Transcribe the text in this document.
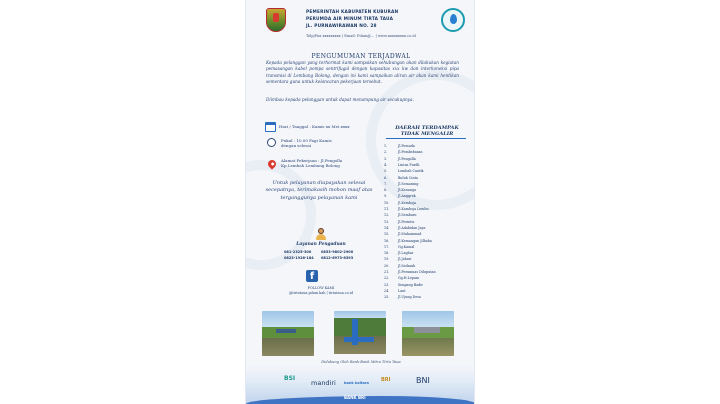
PEMERINTAH KABUPATEN KUBURAN
PERUMDA AIR MINUM TIRTA TAUA
JL. PURNAWIRAWAN NO. 28
Telp/Fax xxxxxxxxx | Email: Pdam@... | www.xxxxxxxxx.co.id
PENGUMUMAN TERJADWAL
Kepada pelanggan yang terhormat kami sampaikan sehubungan akan dilakukan kegiatan pemasangan kabel pompa sentrifugal dengan kapasitas xxx kw dan interkoneksi pipa transmisi di Lembang Bolong, dengan ini kami sampaikan aliran air akan kami hentikan sementara guna untuk kelancaran pekerjaan tersebut.
Diimbau kepada pelanggan untuk dapat menampung air secukupnya.
Hari / Tanggal : Kamis xx Mei xxxx
Pukul : 10.00 Pagi Kamis
dengan selesai
Alamat Pekerjaan : Jl.Pengolla
Kp.Lembah Lembang Bolong
Untuk pelayanan diupayakan selesai secepatnya, terimakasih mohon maaf atas terganggunya pelayanan kami
Layanan Pengaduan
081-2325-300	0853-9802-2900
0823-1926-184 0812-6973-6393
f
FOLLOW KAMI
@tirtataua.pdam.kab | tirtataua.co.id
DAERAH TERDAMPAK
TIDAK MENGALIR
Didukung Oleh Bank-Bank Mitra Tirta Taua
BSI
mandiri bank kaltara BRI	BNI
BANK BRI
1.	Jl.Pemuda
2.	Jl.Pembebasan
3.	Jl.Pengolla
4.	Lintas Purdh
5.	Lembah Cantik
6.	Buluh Cinta
7.	Jl.Semarang
8.	Jl.Kenanga
9.	Jl.Anggrek
10.	Jl.Kemboja
11.	Jl.Kamboja Lembu
12.	Jl.Sembaru
13.	Jl.Perintis
14.	Jl.Adabidan Jaya
15.	Jl.Muhammad
16.	Jl.Kemangan Jilbaba
17.	Gg.Kamal
18.	Jl.Laghar
19.	Jl.Jahari
20.	Jl.Sedarah
21.	Jl.Perumnas Diluputan
22.	Gg.H.Lepam
23.	Simpang Badir
24.	Laut
25.	Jl.Ujung Desa
